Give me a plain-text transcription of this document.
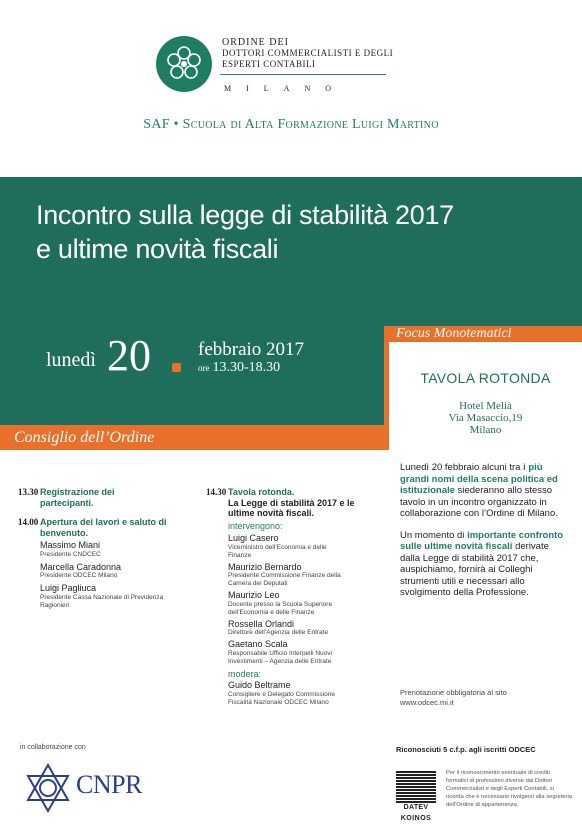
ORDINE DEI
DOTTORI COMMERCIALISTI E DEGLI
ESPERTI CONTABILI
MILANO
SAF • Scuola di Alta Formazione Luigi Martino
Incontro sulla legge di stabilità 2017
e ultime novità fiscali
lunedì 20 febbraio 2017
ore 13.30-18.30
Focus Monotematici
Consiglio dell’Ordine
TAVOLA ROTONDA
Hotel Melià
Via Masaccio,19
Milano
13.30 Registrazione dei
partecipanti.
14.00 Apertura dei lavori e saluto di
benvenuto.
Massimo Miani
Presidente CNDCEC
Marcella Caradonna
Presidente ODCEC Milano
Luigi Pagliuca
Presidente Cassa Nazionale di Previdenza
Ragionieri
14.30 Tavola rotonda.
La Legge di stabilità 2017 e le
ultime novità fiscali.
intervengono:
Luigi Casero
Viceministro dell’Economia e delle
Finanze
Maurizio Bernardo
Presidente Commissione Finanze della
Camera dei Deputati
Maurizio Leo
Docente presso la Scuola Superiore
dell’Economia e delle Finanze
Rossella Orlandi
Direttore dell’Agenzia delle Entrate
Gaetano Scala
Responsabile Ufficio Interpelli Nuovi
Investimenti – Agenzia delle Entrate
modera:
Guido Beltrame
Consigliere e Delegato Commissione
Fiscalità Nazionale ODCEC Milano

Lunedì 20 febbraio alcuni tra i più grandi nomi della scena politica ed istituzionale siederanno allo stesso tavolo in un incontro organizzato in collaborazione con l’Ordine di Milano.

Un momento di importante confronto sulle ultime novità fiscali derivate dalla Legge di stabilità 2017 che, auspichiamo, fornirà ai Colleghi strumenti utili e necessari allo svolgimento della Professione.

Prenotazione obbligatoria al sito
www.odcec.mi.it
Riconosciuti 5 c.f.p. agli iscritti ODCEC
in collaborazione con
CNPR
DATEV
KOINOS
Per il riconoscimento eventuale di crediti formativi di professioni diverse dai Dottori Commercialisti e degli Esperti Contabili, si ricorda che è necessario rivolgersi alla segreteria dell’Ordine di appartenenza.
